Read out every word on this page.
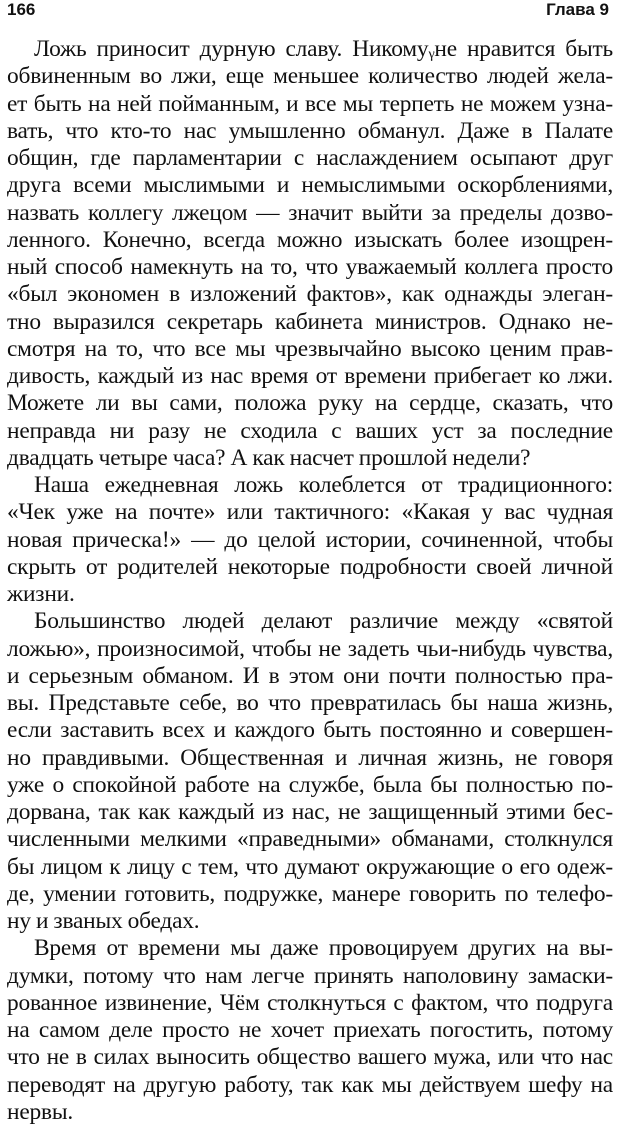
166	Глава 9
Ложь приносит дурную славу. Никомуᵧне нравится быть
обвиненным во лжи, еще меньшее количество людей жела-
ет быть на ней пойманным, и все мы терпеть не можем узна-
вать, что кто-то нас умышленно обманул. Даже в Палате
общин, где парламентарии с наслаждением осыпают друг
друга всеми мыслимыми и немыслимыми оскорблениями,
назвать коллегу лжецом — значит выйти за пределы дозво-
ленного. Конечно, всегда можно изыскать более изощрен-
ный способ намекнуть на то, что уважаемый коллега просто
«был экономен в изложений фактов», как однажды элеган-
тно выразился секретарь кабинета министров. Однако не-
смотря на то, что все мы чрезвычайно высоко ценим прав-
дивость, каждый из нас время от времени прибегает ко лжи.
Можете ли вы сами, положа руку на сердце, сказать, что
неправда ни разу не сходила с ваших уст за последние
двадцать четыре часа? А как насчет прошлой недели?
Наша ежедневная ложь колеблется от традиционного:
«Чек уже на почте» или тактичного: «Какая у вас чудная
новая прическа!» — до целой истории, сочиненной, чтобы
скрыть от родителей некоторые подробности своей личной
жизни.
Большинство людей делают различие между «святой
ложью», произносимой, чтобы не задеть чьи-нибудь чувства,
и серьезным обманом. И в этом они почти полностью пра-
вы. Представьте себе, во что превратилась бы наша жизнь,
если заставить всех и каждого быть постоянно и совершен-
но правдивыми. Общественная и личная жизнь, не говоря
уже о спокойной работе на службе, была бы полностью по-
дорвана, так как каждый из нас, не защищенный этими бес-
численными мелкими «праведными» обманами, столкнулся
бы лицом к лицу с тем, что думают окружающие о его одеж-
де, умении готовить, подружке, манере говорить по телефо-
ну и званых обедах.
Время от времени мы даже провоцируем других на вы-
думки, потому что нам легче принять наполовину замаски-
рованное извинение, Чём столкнуться с фактом, что подруга
на самом деле просто не хочет приехать погостить, потому
что не в силах выносить общество вашего мужа, или что нас
переводят на другую работу, так как мы действуем шефу на
нервы.
